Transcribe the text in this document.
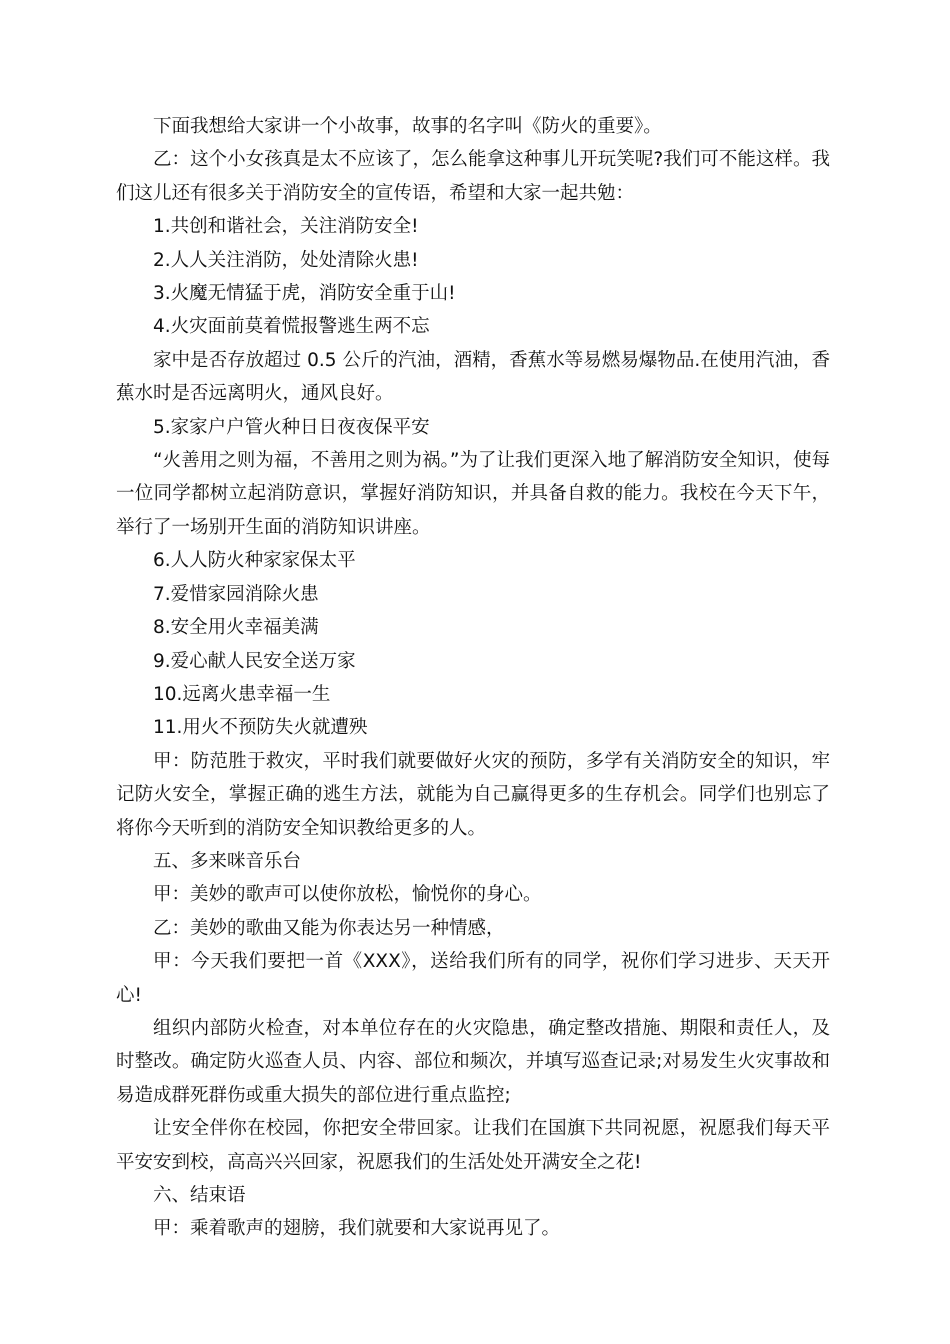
下面我想给大家讲一个小故事，故事的名字叫《防火的重要》。

乙：这个小女孩真是太不应该了，怎么能拿这种事儿开玩笑呢?我们可不能这样。我们这儿还有很多关于消防安全的宣传语，希望和大家一起共勉：

1.共创和谐社会，关注消防安全!

2.人人关注消防，处处清除火患!

3.火魔无情猛于虎，消防安全重于山!

4.火灾面前莫着慌报警逃生两不忘

家中是否存放超过 0.5 公斤的汽油，酒精，香蕉水等易燃易爆物品.在使用汽油，香蕉水时是否远离明火，通风良好。

5.家家户户管火种日日夜夜保平安

“火善用之则为福，不善用之则为祸。”为了让我们更深入地了解消防安全知识，使每一位同学都树立起消防意识，掌握好消防知识，并具备自救的能力。我校在今天下午，举行了一场别开生面的消防知识讲座。

6.人人防火种家家保太平

7.爱惜家园消除火患

8.安全用火幸福美满

9.爱心献人民安全送万家

10.远离火患幸福一生

11.用火不预防失火就遭殃

甲：防范胜于救灾，平时我们就要做好火灾的预防，多学有关消防安全的知识，牢记防火安全，掌握正确的逃生方法，就能为自己赢得更多的生存机会。同学们也别忘了将你今天听到的消防安全知识教给更多的人。

五、多来咪音乐台

甲：美妙的歌声可以使你放松，愉悦你的身心。

乙：美妙的歌曲又能为你表达另一种情感，

甲：今天我们要把一首《XXX》，送给我们所有的同学，祝你们学习进步、天天开心!

组织内部防火检查，对本单位存在的火灾隐患，确定整改措施、期限和责任人，及时整改。确定防火巡查人员、内容、部位和频次，并填写巡查记录;对易发生火灾事故和易造成群死群伤或重大损失的部位进行重点监控;

让安全伴你在校园，你把安全带回家。让我们在国旗下共同祝愿，祝愿我们每天平平安安到校，高高兴兴回家，祝愿我们的生活处处开满安全之花!

六、结束语

甲：乘着歌声的翅膀，我们就要和大家说再见了。
